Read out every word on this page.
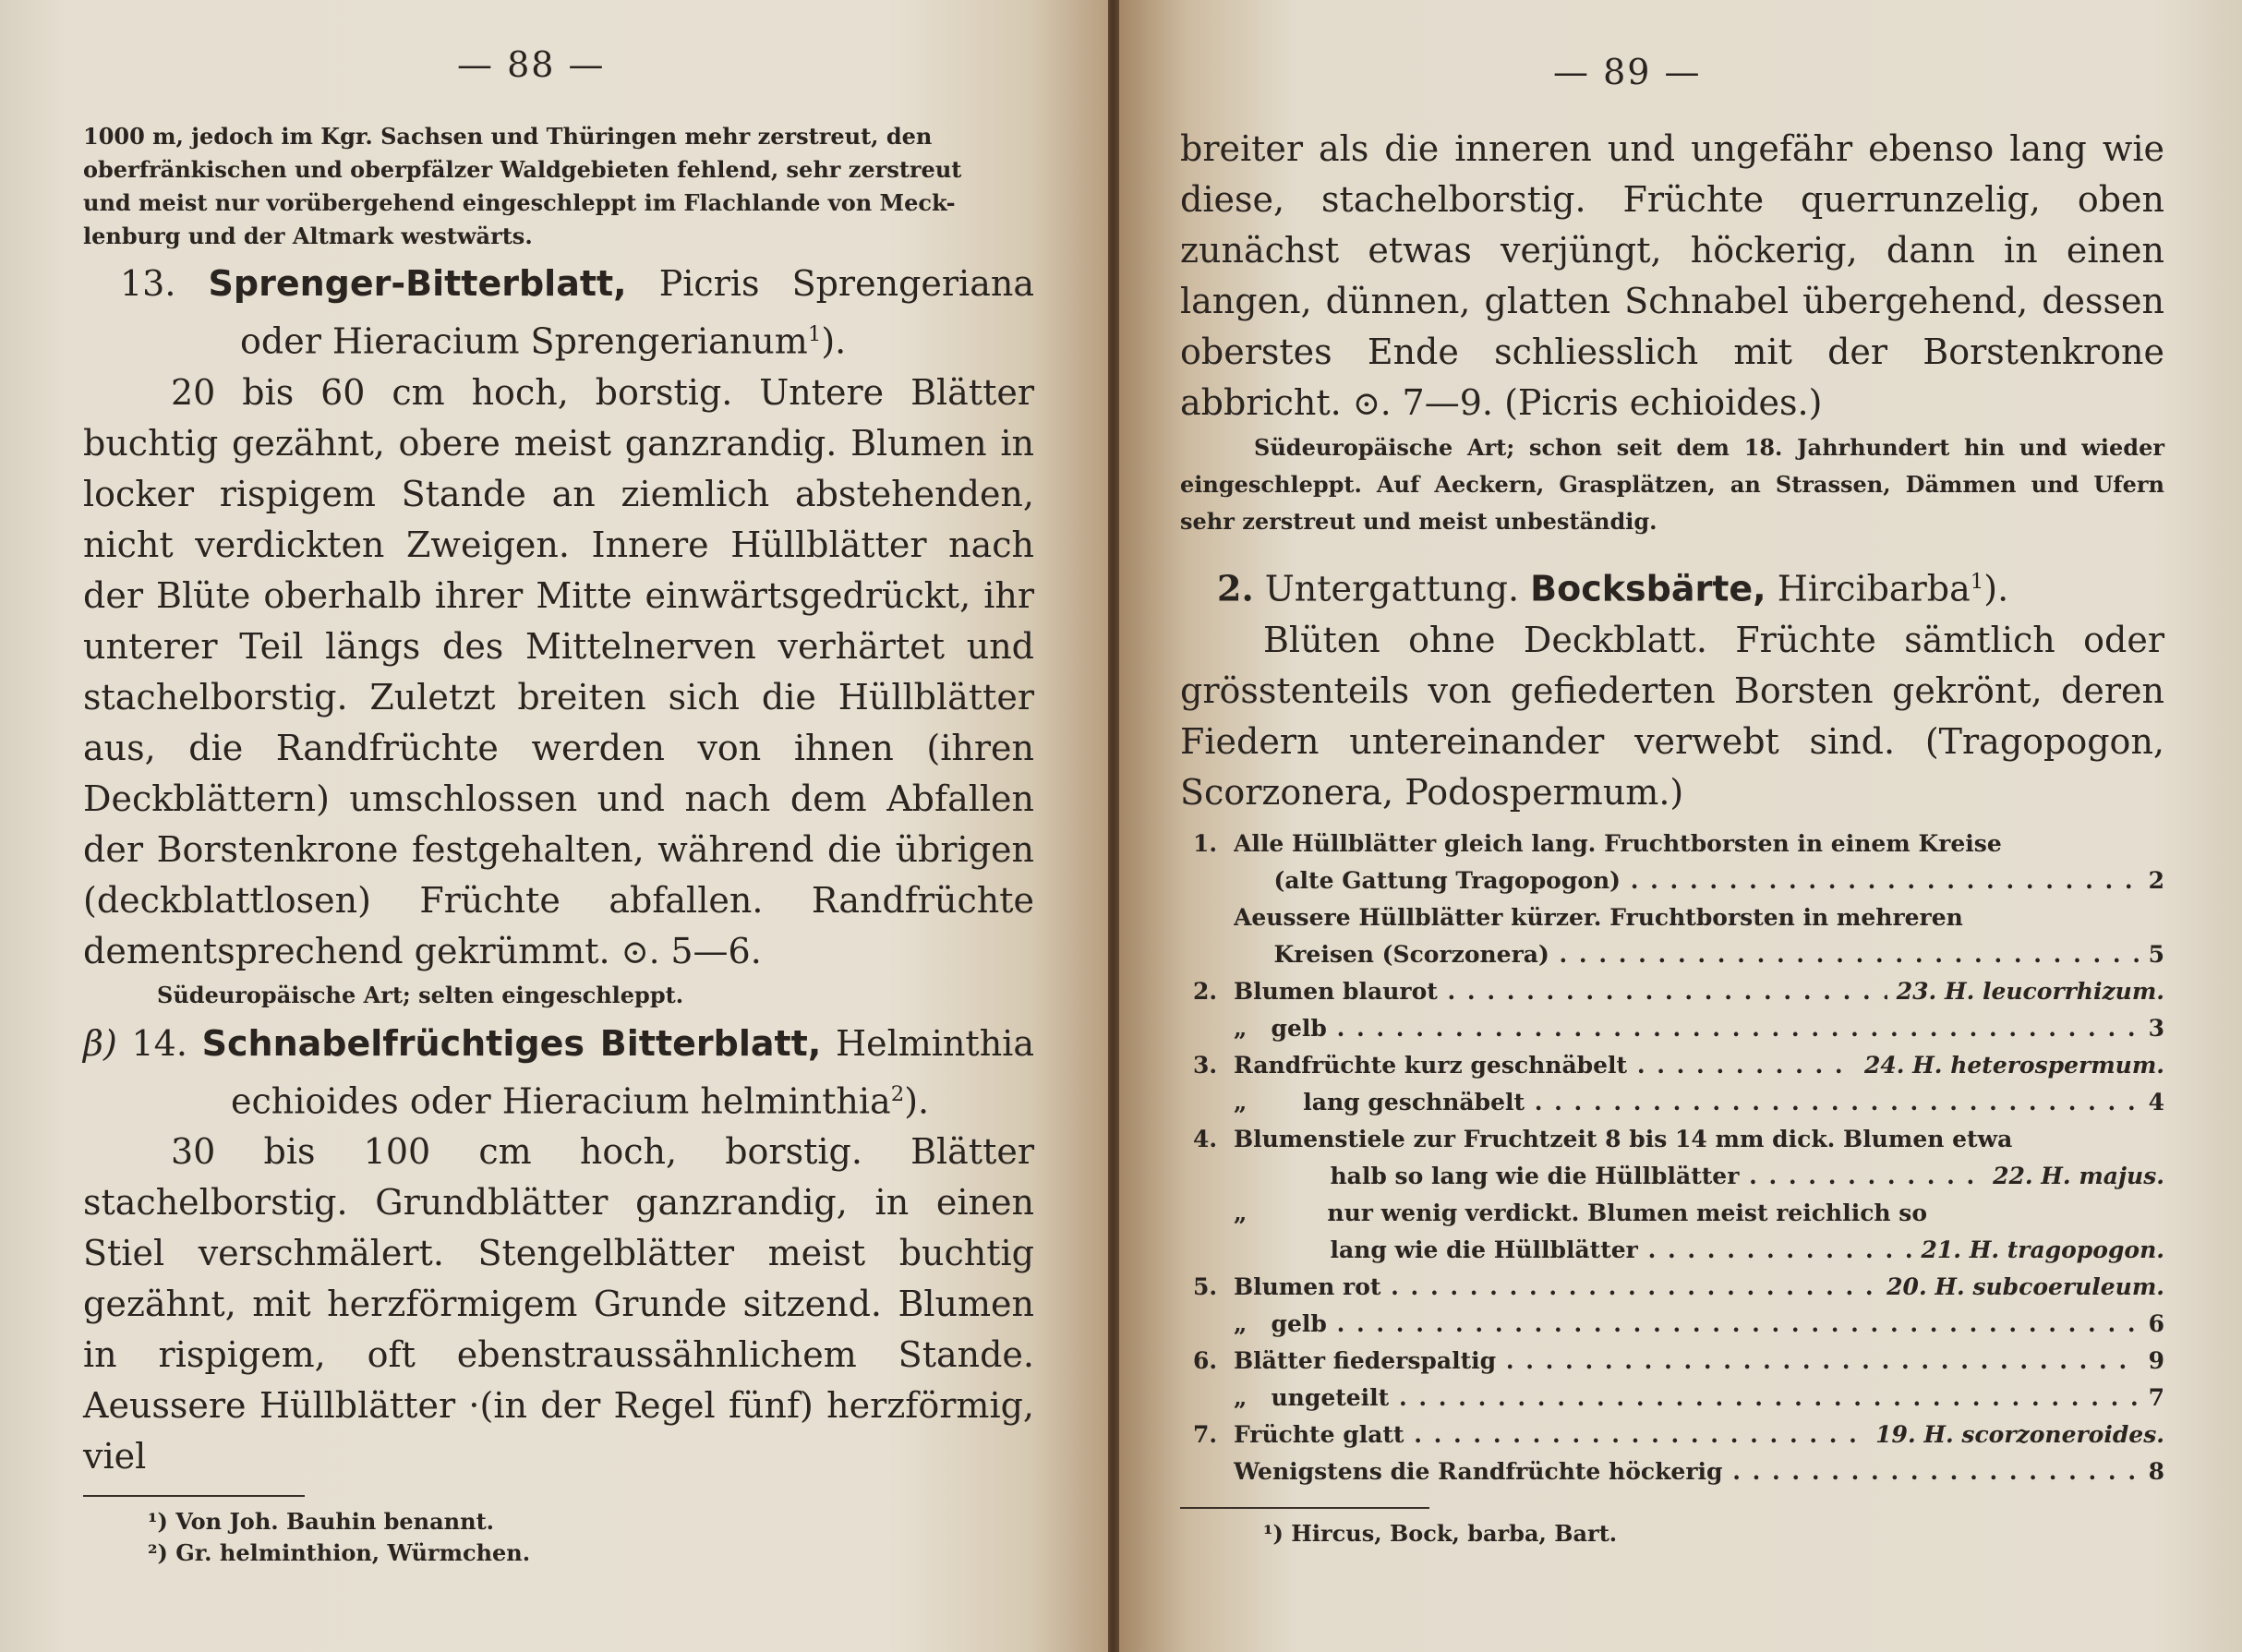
— 88 —
1000 m, jedoch im Kgr. Sachsen und Thüringen mehr zerstreut, den
oberfränkischen und oberpfälzer Waldgebieten fehlend, sehr zerstreut
und meist nur vorübergehend eingeschleppt im Flachlande von Meck-
lenburg und der Altmark westwärts.
13. Sprenger-Bitterblatt, Picris Sprengeriana oder Hieracium Sprengerianum$^1$).
20 bis 60 cm hoch, borstig. Untere Blätter buchtig gezähnt, obere meist ganzrandig. Blumen in locker rispigem Stande an ziemlich abstehenden, nicht verdickten Zweigen. Innere Hüllblätter nach der Blüte oberhalb ihrer Mitte einwärtsgedrückt, ihr unterer Teil längs des Mittelnerven verhärtet und stachelborstig. Zuletzt breiten sich die Hüllblätter aus, die Randfrüchte werden von ihnen (ihren Deckblättern) umschlossen und nach dem Abfallen der Borstenkrone festgehalten, während die übrigen (deckblattlosen) Früchte abfallen. Randfrüchte dementsprechend gekrümmt. ⊙. 5—6.
Südeuropäische Art; selten eingeschleppt.
β) 14. Schnabelfrüchtiges Bitterblatt, Helminthia echioides oder Hieracium helminthia$^2$).
30 bis 100 cm hoch, borstig. Blätter stachelborstig. Grundblätter ganzrandig, in einen Stiel verschmälert. Stengelblätter meist buchtig gezähnt, mit herzförmigem Grunde sitzend. Blumen in rispigem, oft ebenstraussähnlichem Stande. Aeussere Hüllblätter ·(in der Regel fünf) herzförmig, viel
¹) Von Joh. Bauhin benannt.
²) Gr. helminthion, Würmchen.
— 89 —
breiter als die inneren und ungefähr ebenso lang wie diese, stachelborstig. Früchte querrunzelig, oben zunächst etwas verjüngt, höckerig, dann in einen langen, dünnen, glatten Schnabel übergehend, dessen oberstes Ende schliesslich mit der Borstenkrone abbricht. ⊙. 7—9. (Picris echioides.)
Südeuropäische Art; schon seit dem 18. Jahrhundert hin und wieder eingeschleppt. Auf Aeckern, Grasplätzen, an Strassen, Dämmen und Ufern sehr zerstreut und meist unbeständig.
2. Untergattung. Bocksbärte, Hircibarba$^1$).
Blüten ohne Deckblatt. Früchte sämtlich oder grösstenteils von gefiederten Borsten gekrönt, deren Fiedern untereinander verwebt sind. (Tragopogon, Scorzonera, Podospermum.)
1. Alle Hüllblätter gleich lang. Fruchtborsten in einem Kreise
(alte Gattung Tragopogon) . . .	2
Aeussere Hüllblätter kürzer. Fruchtborsten in mehreren
Kreisen (Scorzonera) . . .	5
2. Blumen blaurot . . .	23. H. leucorrhizum.
„   gelb . . .	3
3. Randfrüchte kurz geschnäbelt . . .	24. H. heterospermum.
„       lang geschnäbelt . . .	4
4. Blumenstiele zur Fruchtzeit 8 bis 14 mm dick. Blumen etwa
halb so lang wie die Hüllblätter . . .	22. H. majus.
„          nur wenig verdickt. Blumen meist reichlich so
lang wie die Hüllblätter . . .	21. H. tragopogon.
5. Blumen rot . . .	20. H. subcoeruleum.
„   gelb . . .	6
6. Blätter fiederspaltig . . .	9
„   ungeteilt . . .	7
7. Früchte glatt . . .	19. H. scorzoneroides.
Wenigstens die Randfrüchte höckerig . . .	8
¹) Hircus, Bock, barba, Bart.
